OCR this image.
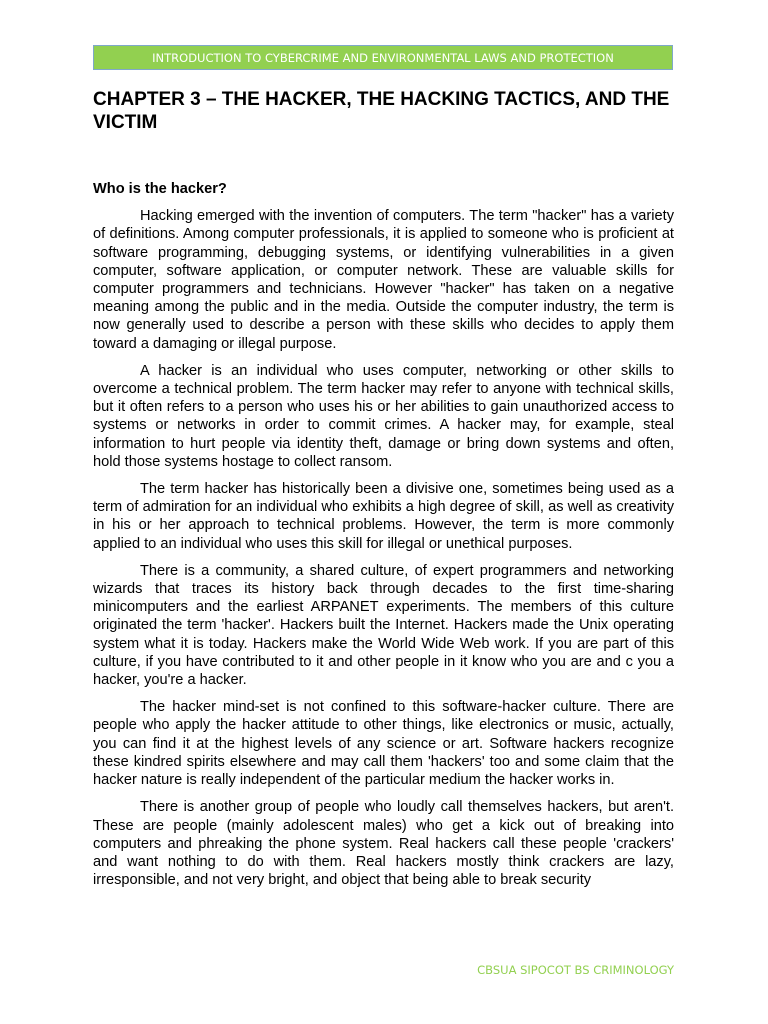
INTRODUCTION TO CYBERCRIME AND ENVIRONMENTAL LAWS AND PROTECTION
CHAPTER 3 – THE HACKER, THE HACKING TACTICS, AND THE VICTIM

Who is the hacker?

Hacking emerged with the invention of computers. The term "hacker" has a variety of definitions. Among computer professionals, it is applied to someone who is proficient at software programming, debugging systems, or identifying vulnerabilities in a given computer, software application, or computer network. These are valuable skills for computer programmers and technicians. However "hacker" has taken on a negative meaning among the public and in the media. Outside the computer industry, the term is now generally used to describe a person with these skills who decides to apply them toward a damaging or illegal purpose.

A hacker is an individual who uses computer, networking or other skills to overcome a technical problem. The term hacker may refer to anyone with technical skills, but it often refers to a person who uses his or her abilities to gain unauthorized access to systems or networks in order to commit crimes. A hacker may, for example, steal information to hurt people via identity theft, damage or bring down systems and often, hold those systems hostage to collect ransom.

The term hacker has historically been a divisive one, sometimes being used as a term of admiration for an individual who exhibits a high degree of skill, as well as creativity in his or her approach to technical problems. However, the term is more commonly applied to an individual who uses this skill for illegal or unethical purposes.

There is a community, a shared culture, of expert programmers and networking wizards that traces its history back through decades to the first time-sharing minicomputers and the earliest ARPANET experiments. The members of this culture originated the term 'hacker'. Hackers built the Internet. Hackers made the Unix operating system what it is today. Hackers make the World Wide Web work. If you are part of this culture, if you have contributed to it and other people in it know who you are and c you a hacker, you're a hacker.

The hacker mind-set is not confined to this software-hacker culture. There are people who apply the hacker attitude to other things, like electronics or music, actually, you can find it at the highest levels of any science or art. Software hackers recognize these kindred spirits elsewhere and may call them 'hackers' too and some claim that the hacker nature is really independent of the particular medium the hacker works in.

There is another group of people who loudly call themselves hackers, but aren't. These are people (mainly adolescent males) who get a kick out of breaking into computers and phreaking the phone system. Real hackers call these people 'crackers' and want nothing to do with them. Real hackers mostly think crackers are lazy, irresponsible, and not very bright, and object that being able to break security

CBSUA SIPOCOT BS CRIMINOLOGY
